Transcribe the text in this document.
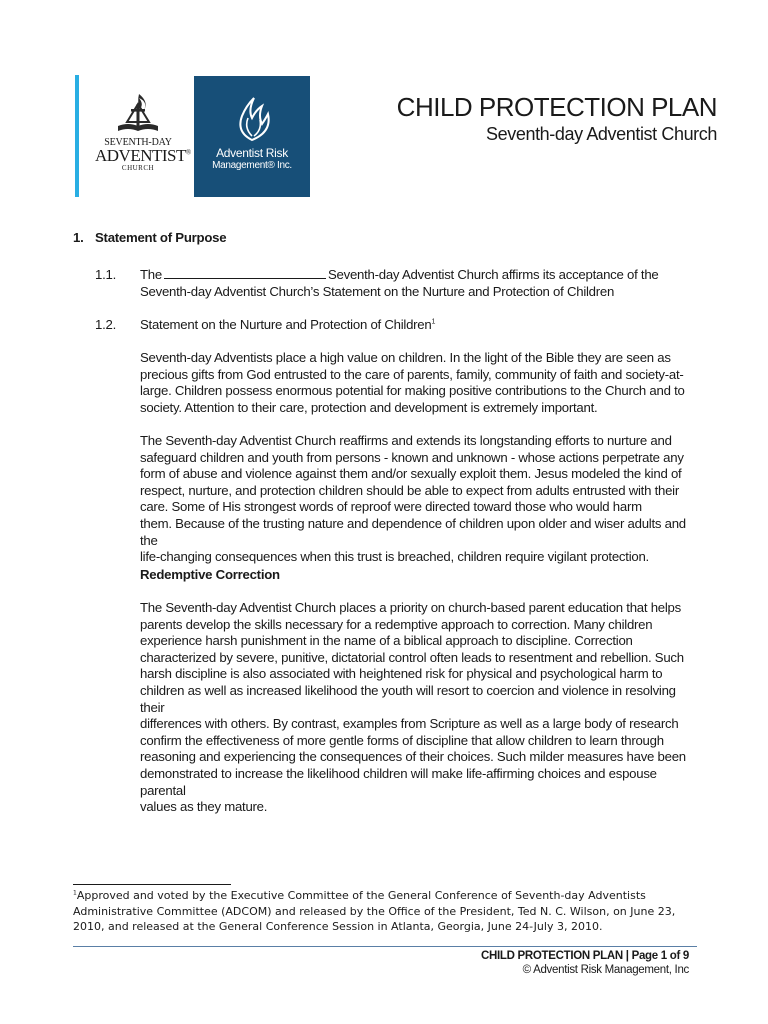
SEVENTH-DAY
ADVENTIST®
CHURCH
Adventist Risk
Management® Inc.
CHILD PROTECTION PLAN
Seventh-day Adventist Church
1. Statement of Purpose
1.1. The	Seventh-day Adventist Church affirms its acceptance of the
Seventh-day Adventist Church’s Statement on the Nurture and Protection of Children
1.2. Statement on the Nurture and Protection of Children$^1$
Seventh-day Adventists place a high value on children. In the light of the Bible they are seen as
precious gifts from God entrusted to the care of parents, family, community of faith and society-at-
large. Children possess enormous potential for making positive contributions to the Church and to
society. Attention to their care, protection and development is extremely important.
The Seventh-day Adventist Church reaffirms and extends its longstanding efforts to nurture and
safeguard children and youth from persons - known and unknown - whose actions perpetrate any
form of abuse and violence against them and/or sexually exploit them. Jesus modeled the kind of
respect, nurture, and protection children should be able to expect from adults entrusted with their
care. Some of His strongest words of reproof were directed toward those who would harm
them. Because of the trusting nature and dependence of children upon older and wiser adults and the
life-changing consequences when this trust is breached, children require vigilant protection.
Redemptive Correction
The Seventh-day Adventist Church places a priority on church-based parent education that helps
parents develop the skills necessary for a redemptive approach to correction. Many children
experience harsh punishment in the name of a biblical approach to discipline. Correction
characterized by severe, punitive, dictatorial control often leads to resentment and rebellion. Such
harsh discipline is also associated with heightened risk for physical and psychological harm to
children as well as increased likelihood the youth will resort to coercion and violence in resolving their
differences with others. By contrast, examples from Scripture as well as a large body of research
confirm the effectiveness of more gentle forms of discipline that allow children to learn through
reasoning and experiencing the consequences of their choices. Such milder measures have been
demonstrated to increase the likelihood children will make life-affirming choices and espouse parental
values as they mature.
$^1$Approved and voted by the Executive Committee of the General Conference of Seventh-day Adventists
Administrative Committee (ADCOM) and released by the Office of the President, Ted N. C. Wilson, on June 23,
2010, and released at the General Conference Session in Atlanta, Georgia, June 24-July 3, 2010.
CHILD PROTECTION PLAN | Page 1 of 9
© Adventist Risk Management, Inc
